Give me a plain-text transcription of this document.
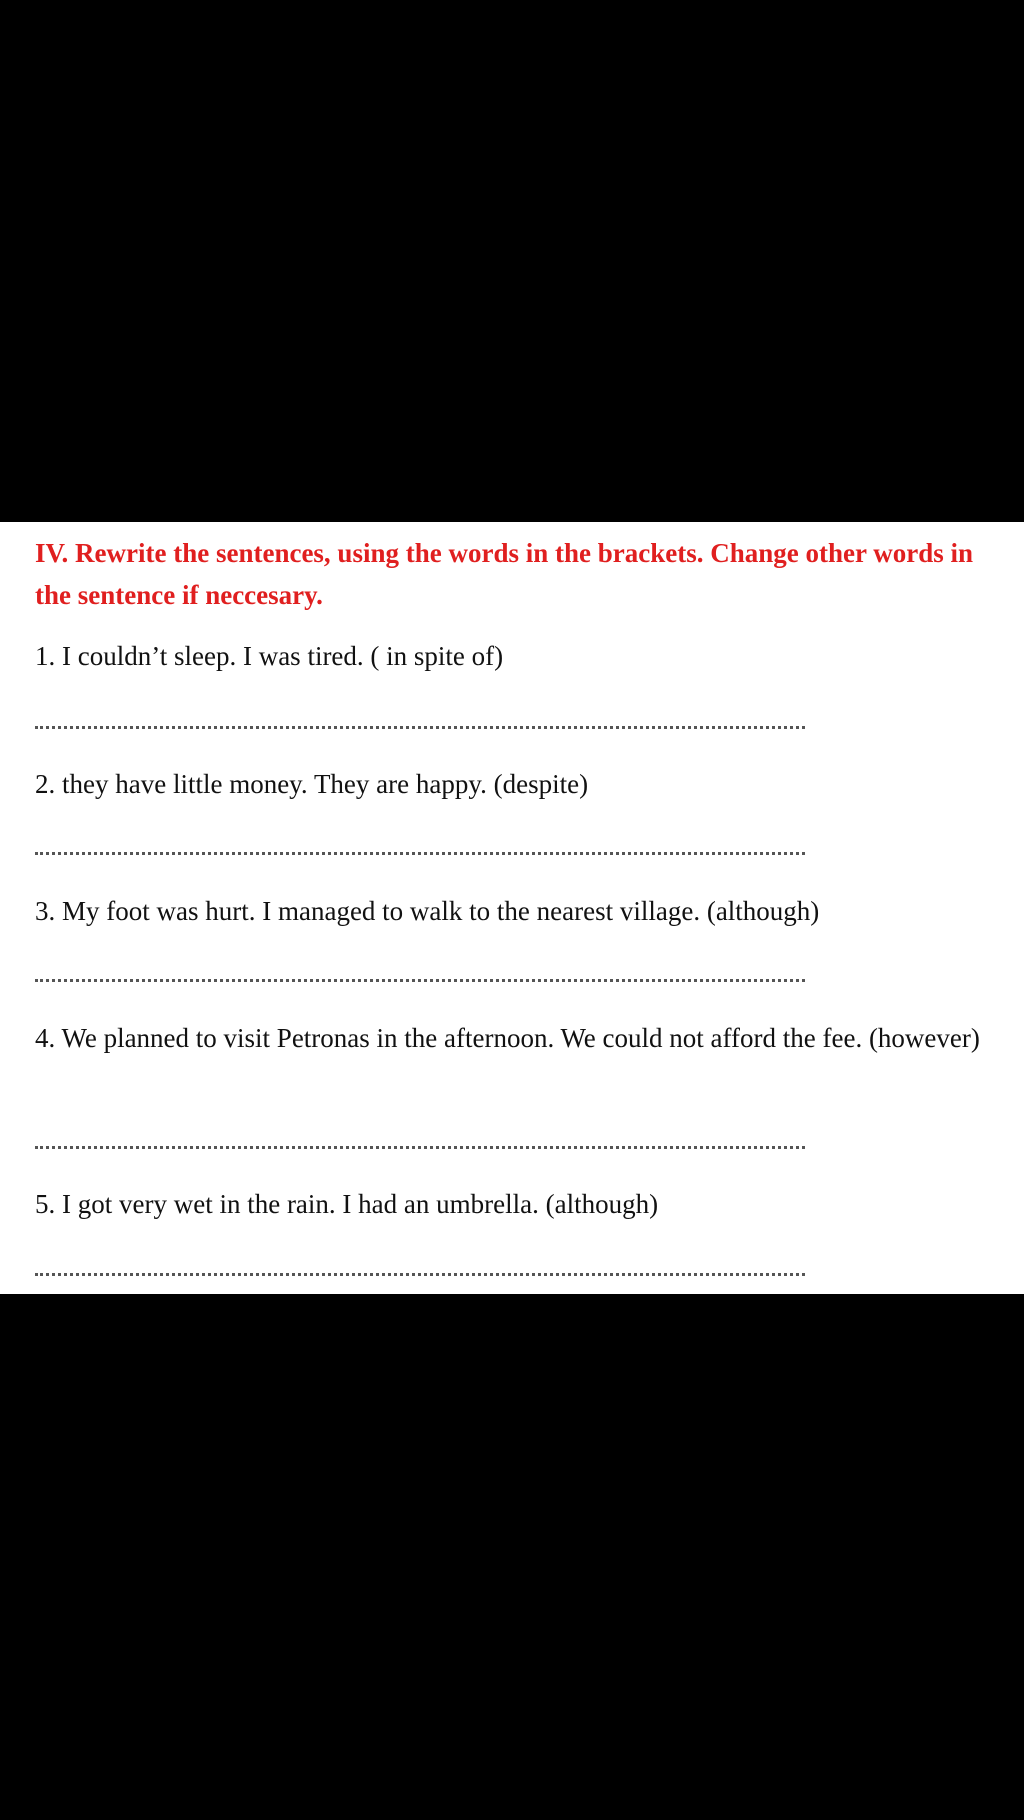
IV. Rewrite the sentences, using the words in the brackets. Change other words in the sentence if neccesary.

1. I couldn’t sleep. I was tired. ( in spite of)

2. they have little money. They are happy. (despite)

3. My foot was hurt. I managed to walk to the nearest village. (although)

4. We planned to visit Petronas in the afternoon. We could not afford the fee. (however)

5. I got very wet in the rain. I had an umbrella. (although)
